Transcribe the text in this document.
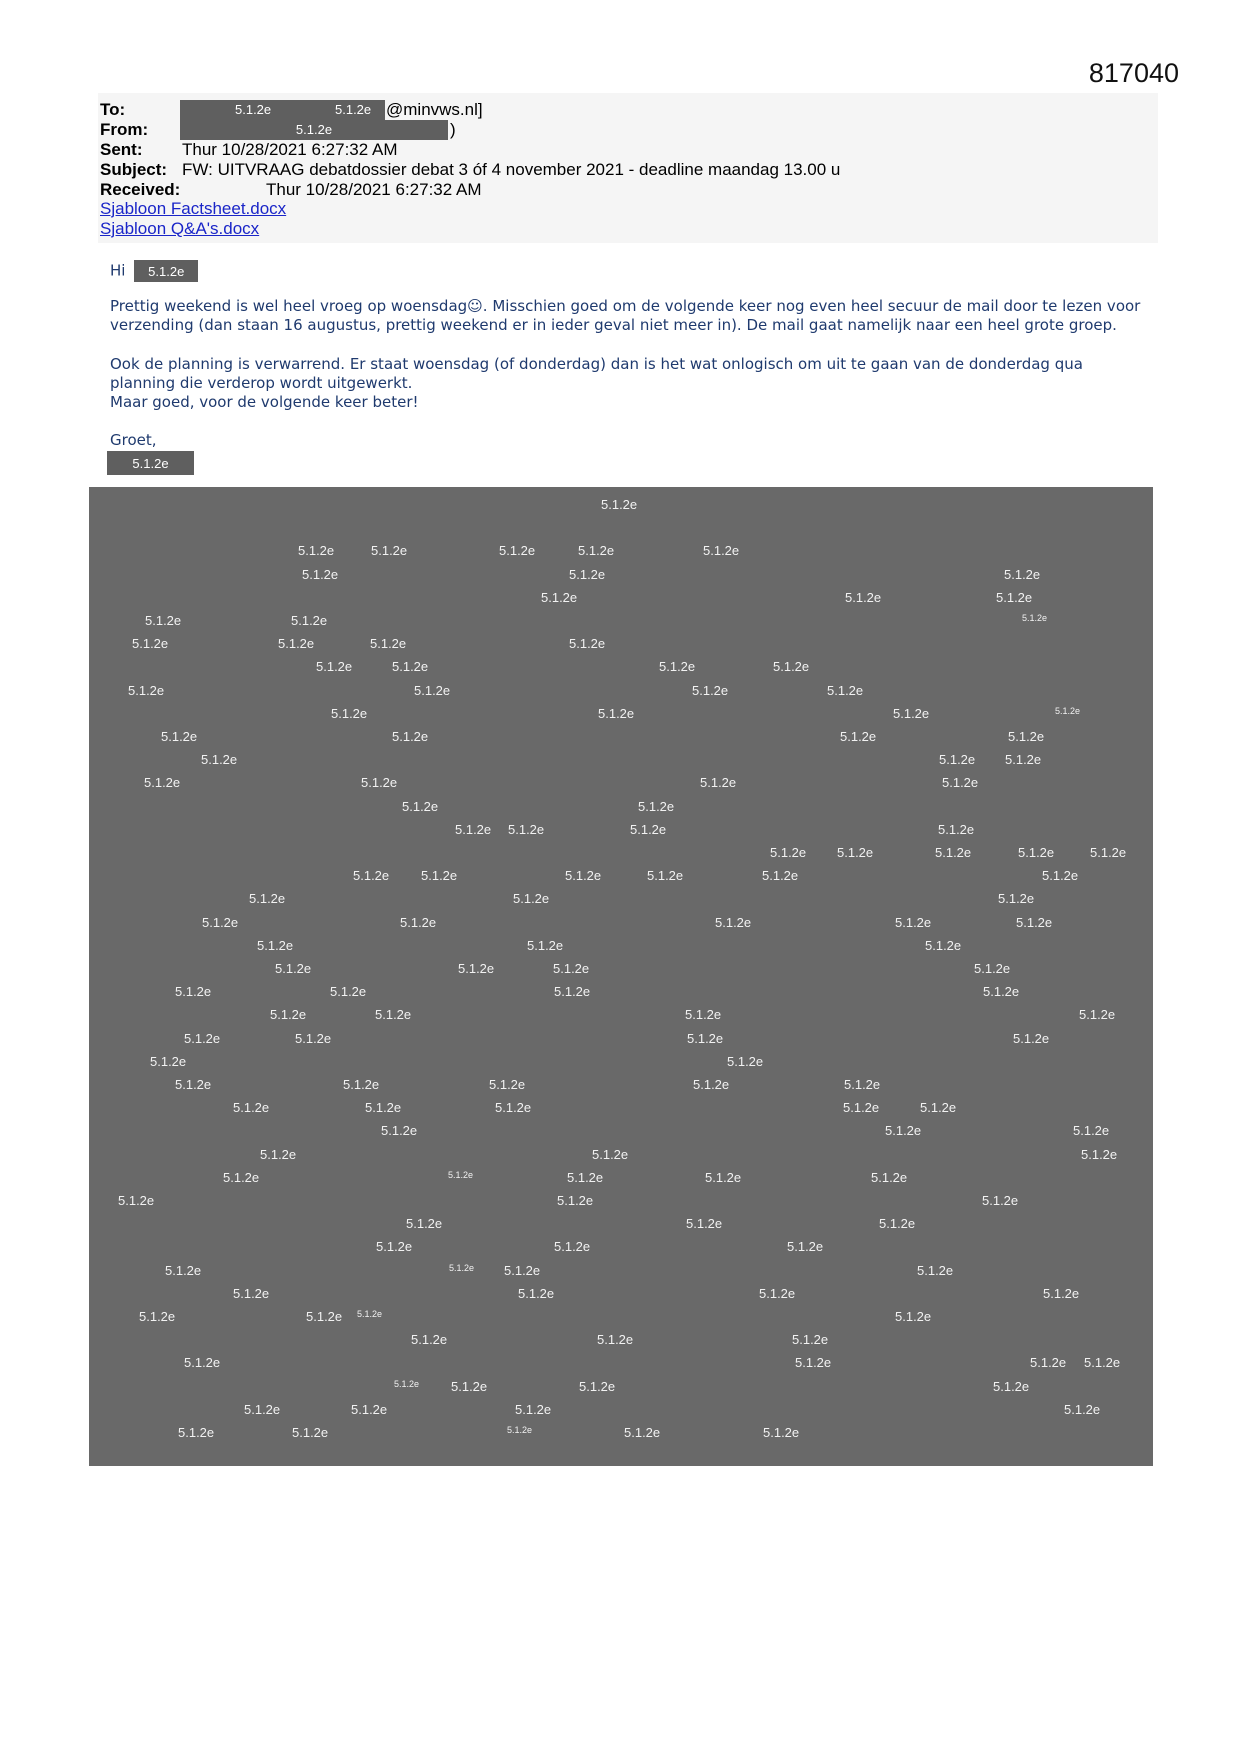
817040
To:	5.1.2e	5.1.2e @minvws.nl]
From:	5.1.2e	)
Sent: Thur 10/28/2021 6:27:32 AM
Subject: FW: UITVRAAG debatdossier debat 3 óf 4 november 2021 - deadline maandag 13.00 u
Received:	Thur 10/28/2021 6:27:32 AM
Sjabloon Factsheet.docx
Sjabloon Q&A's.docx
Hi 5.1.2e
Prettig weekend is wel heel vroeg op woensdag☺. Misschien goed om de volgende keer nog even heel secuur de mail door te lezen voor verzending (dan staan 16 augustus, prettig weekend er in ieder geval niet meer in). De mail gaat namelijk naar een heel grote groep.
Ook de planning is verwarrend. Er staat woensdag (of donderdag) dan is het wat onlogisch om uit te gaan van de donderdag qua planning die verderop wordt uitgewerkt.
Maar goed, voor de volgende keer beter!
Groet,
5.1.2e
5.1.2e
5.1.2e	5.1.2e	5.1.2e	5.1.2e	5.1.2e
5.1.2e	5.1.2e	5.1.2e
5.1.2e	5.1.2e	5.1.2e
5.1.2e	5.1.2e	5.1.2e
5.1.2e	5.1.2e	5.1.2e	5.1.2e
5.1.2e	5.1.2e	5.1.2e	5.1.2e
5.1.2e	5.1.2e	5.1.2e	5.1.2e
5.1.2e	5.1.2e	5.1.2e	5.1.2e
5.1.2e	5.1.2e	5.1.2e	5.1.2e
5.1.2e	5.1.2e 5.1.2e
5.1.2e	5.1.2e	5.1.2e	5.1.2e
5.1.2e	5.1.2e
5.1.2e 5.1.2e	5.1.2e	5.1.2e
5.1.2e 5.1.2e	5.1.2e	5.1.2e	5.1.2e
5.1.2e 5.1.2e	5.1.2e	5.1.2e	5.1.2e	5.1.2e
5.1.2e	5.1.2e	5.1.2e
5.1.2e	5.1.2e	5.1.2e	5.1.2e	5.1.2e
5.1.2e	5.1.2e	5.1.2e
5.1.2e	5.1.2e	5.1.2e	5.1.2e
5.1.2e	5.1.2e	5.1.2e	5.1.2e
5.1.2e	5.1.2e	5.1.2e	5.1.2e
5.1.2e	5.1.2e	5.1.2e	5.1.2e
5.1.2e	5.1.2e
5.1.2e	5.1.2e	5.1.2e	5.1.2e	5.1.2e
5.1.2e	5.1.2e	5.1.2e	5.1.2e	5.1.2e
5.1.2e	5.1.2e	5.1.2e
5.1.2e	5.1.2e	5.1.2e
5.1.2e	5.1.2e	5.1.2e	5.1.2e	5.1.2e
5.1.2e	5.1.2e	5.1.2e
5.1.2e	5.1.2e	5.1.2e
5.1.2e	5.1.2e	5.1.2e
5.1.2e	5.1.2e 5.1.2e	5.1.2e
5.1.2e	5.1.2e	5.1.2e	5.1.2e
5.1.2e	5.1.2e 5.1.2e	5.1.2e
5.1.2e	5.1.2e	5.1.2e
5.1.2e	5.1.2e	5.1.2e 5.1.2e
5.1.2e 5.1.2e	5.1.2e	5.1.2e
5.1.2e	5.1.2e	5.1.2e	5.1.2e
5.1.2e	5.1.2e	5.1.2e	5.1.2e	5.1.2e
